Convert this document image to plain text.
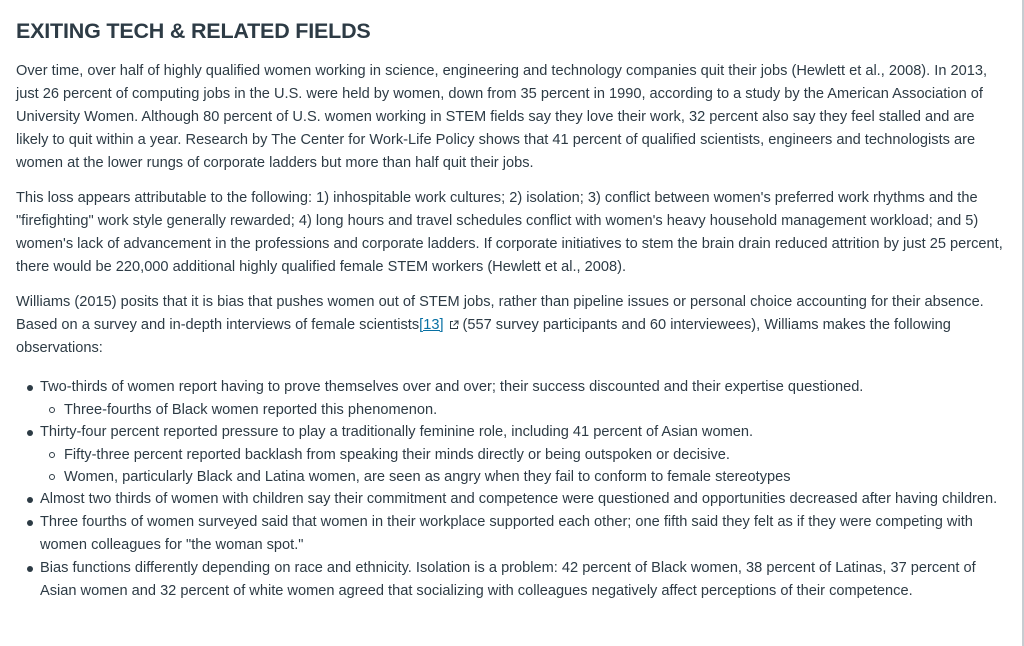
EXITING TECH & RELATED FIELDS

Over time, over half of highly qualified women working in science, engineering and technology companies quit their jobs (Hewlett et al., 2008). In 2013, just 26 percent of computing jobs in the U.S. were held by women, down from 35 percent in 1990, according to a study by the American Association of University Women. Although 80 percent of U.S. women working in STEM fields say they love their work, 32 percent also say they feel stalled and are likely to quit within a year. Research by The Center for Work-Life Policy shows that 41 percent of qualified scientists, engineers and technologists are women at the lower rungs of corporate ladders but more than half quit their jobs.

This loss appears attributable to the following: 1) inhospitable work cultures; 2) isolation; 3) conflict between women's preferred work rhythms and the "firefighting" work style generally rewarded; 4) long hours and travel schedules conflict with women's heavy household management workload; and 5) women's lack of advancement in the professions and corporate ladders. If corporate initiatives to stem the brain drain reduced attrition by just 25 percent, there would be 220,000 additional highly qualified female STEM workers (Hewlett et al., 2008).

Williams (2015) posits that it is bias that pushes women out of STEM jobs, rather than pipeline issues or personal choice accounting for their absence. Based on a survey and in-depth interviews of female scientists[13] (557 survey participants and 60 interviewees), Williams makes the following observations:

Two-thirds of women report having to prove themselves over and over; their success discounted and their expertise questioned.
Three-fourths of Black women reported this phenomenon.
Thirty-four percent reported pressure to play a traditionally feminine role, including 41 percent of Asian women.
Fifty-three percent reported backlash from speaking their minds directly or being outspoken or decisive.
Women, particularly Black and Latina women, are seen as angry when they fail to conform to female stereotypes
Almost two thirds of women with children say their commitment and competence were questioned and opportunities decreased after having children.
Three fourths of women surveyed said that women in their workplace supported each other; one fifth said they felt as if they were competing with women colleagues for "the woman spot."
Bias functions differently depending on race and ethnicity. Isolation is a problem: 42 percent of Black women, 38 percent of Latinas, 37 percent of Asian women and 32 percent of white women agreed that socializing with colleagues negatively affect perceptions of their competence.
